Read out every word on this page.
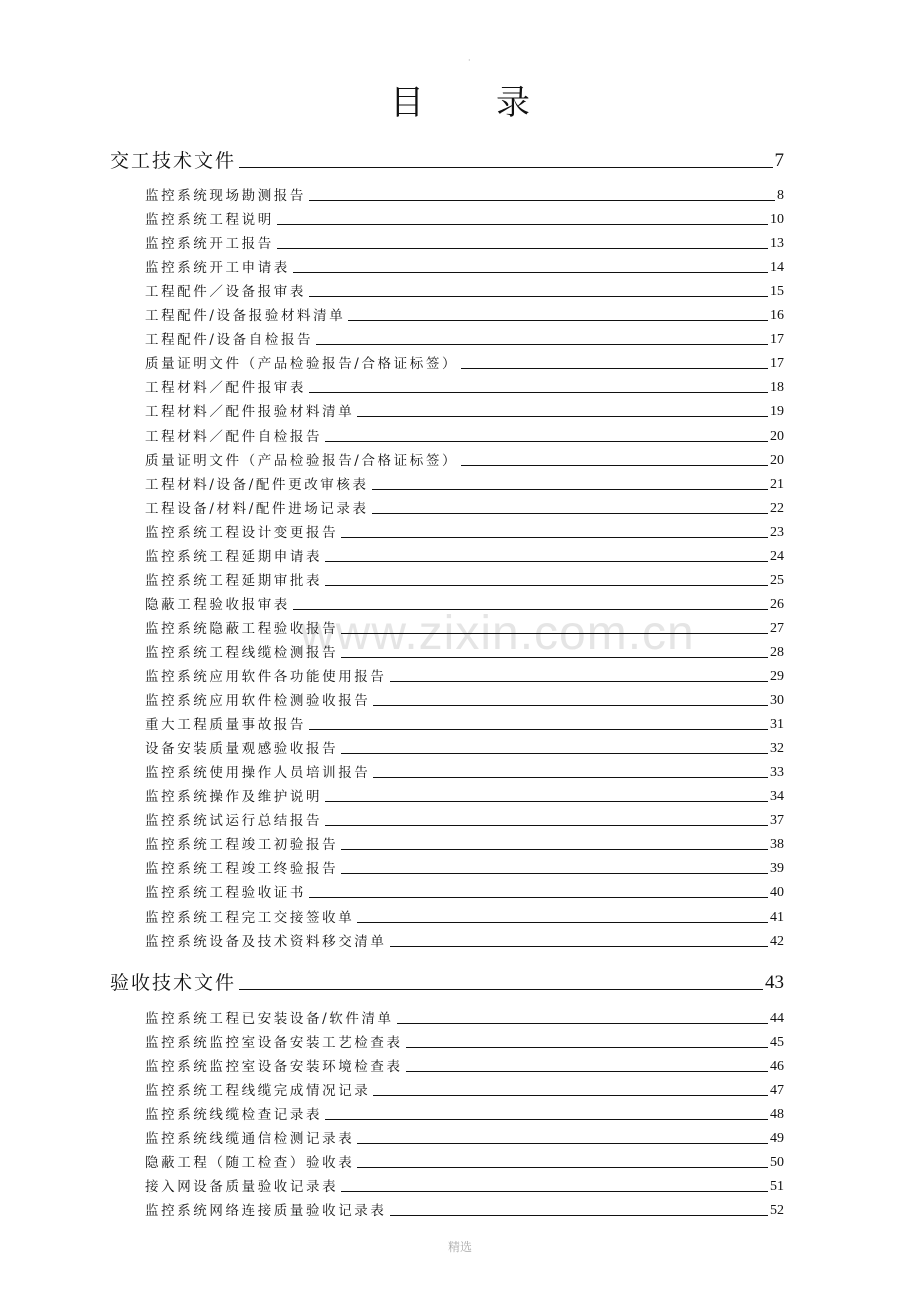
·
目录
www.zixin.com.cn
交工技术文件	7
监控系统现场勘测报告	8
监控系统工程说明	10
监控系统开工报告	13
监控系统开工申请表	14
工程配件／设备报审表	15
工程配件/设备报验材料清单	16
工程配件/设备自检报告	17
质量证明文件（产品检验报告/合格证标签）	17
工程材料／配件报审表	18
工程材料／配件报验材料清单	19
工程材料／配件自检报告	20
质量证明文件（产品检验报告/合格证标签）	20
工程材料/设备/配件更改审核表	21
工程设备/材料/配件进场记录表	22
监控系统工程设计变更报告	23
监控系统工程延期申请表	24
监控系统工程延期审批表	25
隐蔽工程验收报审表	26
监控系统隐蔽工程验收报告	27
监控系统工程线缆检测报告	28
监控系统应用软件各功能使用报告	29
监控系统应用软件检测验收报告	30
重大工程质量事故报告	31
设备安装质量观感验收报告	32
监控系统使用操作人员培训报告	33
监控系统操作及维护说明	34
监控系统试运行总结报告	37
监控系统工程竣工初验报告	38
监控系统工程竣工终验报告	39
监控系统工程验收证书	40
监控系统工程完工交接签收单	41
监控系统设备及技术资料移交清单	42
验收技术文件	43
监控系统工程已安装设备/软件清单	44
监控系统监控室设备安装工艺检查表	45
监控系统监控室设备安装环境检查表	46
监控系统工程线缆完成情况记录	47
监控系统线缆检查记录表	48
监控系统线缆通信检测记录表	49
隐蔽工程（随工检查）验收表	50
接入网设备质量验收记录表	51
监控系统网络连接质量验收记录表	52
精选
